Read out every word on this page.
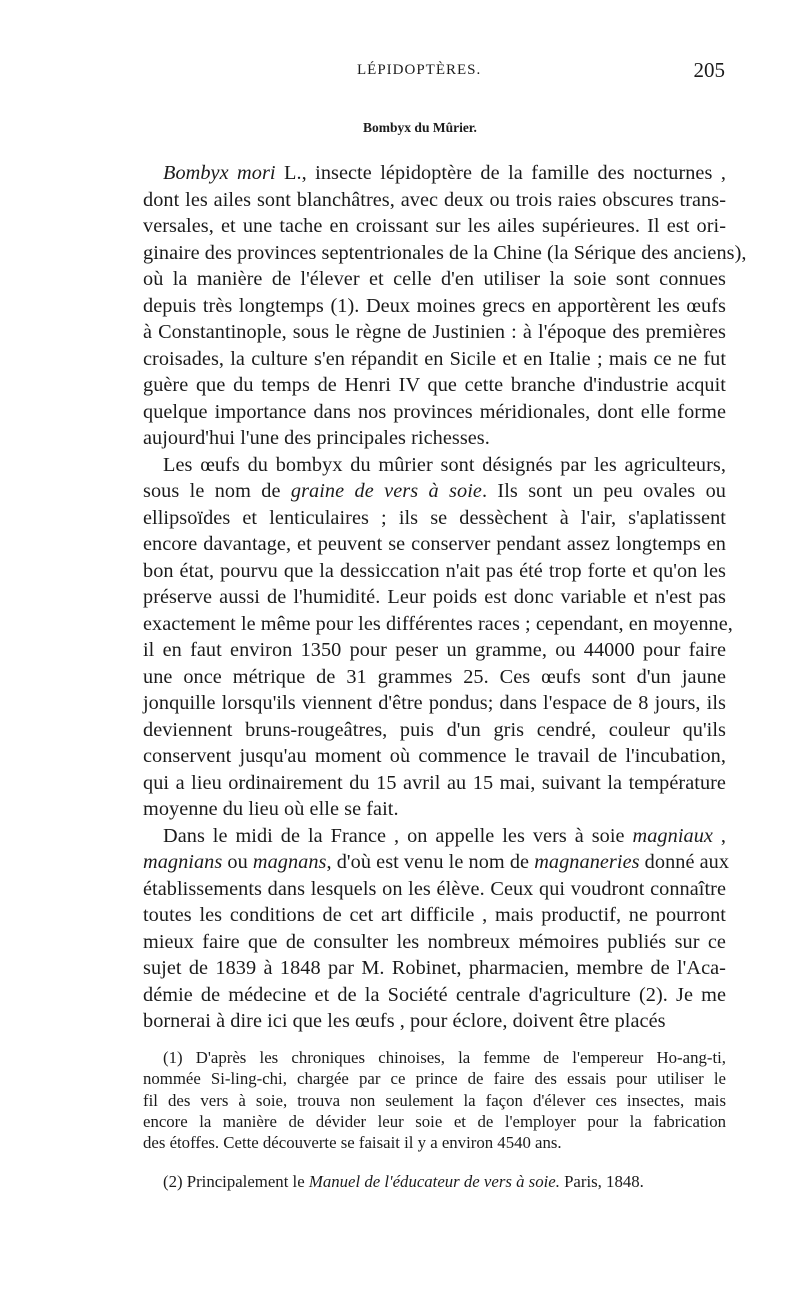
LÉPIDOPTÈRES.	205
Bombyx du Mûrier.

Bombyx mori L., insecte lépidoptère de la famille des nocturnes ,
dont les ailes sont blanchâtres, avec deux ou trois raies obscures trans-
versales, et une tache en croissant sur les ailes supérieures. Il est ori-
ginaire des provinces septentrionales de la Chine (la Sérique des anciens),
où la manière de l'élever et celle d'en utiliser la soie sont connues
depuis très longtemps (1). Deux moines grecs en apportèrent les œufs
à Constantinople, sous le règne de Justinien : à l'époque des premières
croisades, la culture s'en répandit en Sicile et en Italie ; mais ce ne fut
guère que du temps de Henri IV que cette branche d'industrie acquit
quelque importance dans nos provinces méridionales, dont elle forme
aujourd'hui l'une des principales richesses.

Les œufs du bombyx du mûrier sont désignés par les agriculteurs,
sous le nom de graine de vers à soie. Ils sont un peu ovales ou
ellipsoïdes et lenticulaires ; ils se dessèchent à l'air, s'aplatissent
encore davantage, et peuvent se conserver pendant assez longtemps en
bon état, pourvu que la dessiccation n'ait pas été trop forte et qu'on les
préserve aussi de l'humidité. Leur poids est donc variable et n'est pas
exactement le même pour les différentes races ; cependant, en moyenne,
il en faut environ 1350 pour peser un gramme, ou 44000 pour faire
une once métrique de 31 grammes 25. Ces œufs sont d'un jaune
jonquille lorsqu'ils viennent d'être pondus; dans l'espace de 8 jours, ils
deviennent bruns-rougeâtres, puis d'un gris cendré, couleur qu'ils
conservent jusqu'au moment où commence le travail de l'incubation,
qui a lieu ordinairement du 15 avril au 15 mai, suivant la température
moyenne du lieu où elle se fait.

Dans le midi de la France , on appelle les vers à soie magniaux ,
magnians ou magnans, d'où est venu le nom de magnaneries donné aux
établissements dans lesquels on les élève. Ceux qui voudront connaître
toutes les conditions de cet art difficile , mais productif, ne pourront
mieux faire que de consulter les nombreux mémoires publiés sur ce
sujet de 1839 à 1848 par M. Robinet, pharmacien, membre de l'Aca-
démie de médecine et de la Société centrale d'agriculture (2). Je me
bornerai à dire ici que les œufs , pour éclore, doivent être placés

(1) D'après les chroniques chinoises, la femme de l'empereur Ho-ang-ti,
nommée Si-ling-chi, chargée par ce prince de faire des essais pour utiliser le
fil des vers à soie, trouva non seulement la façon d'élever ces insectes, mais
encore la manière de dévider leur soie et de l'employer pour la fabrication
des étoffes. Cette découverte se faisait il y a environ 4540 ans.

(2) Principalement le Manuel de l'éducateur de vers à soie. Paris, 1848.
